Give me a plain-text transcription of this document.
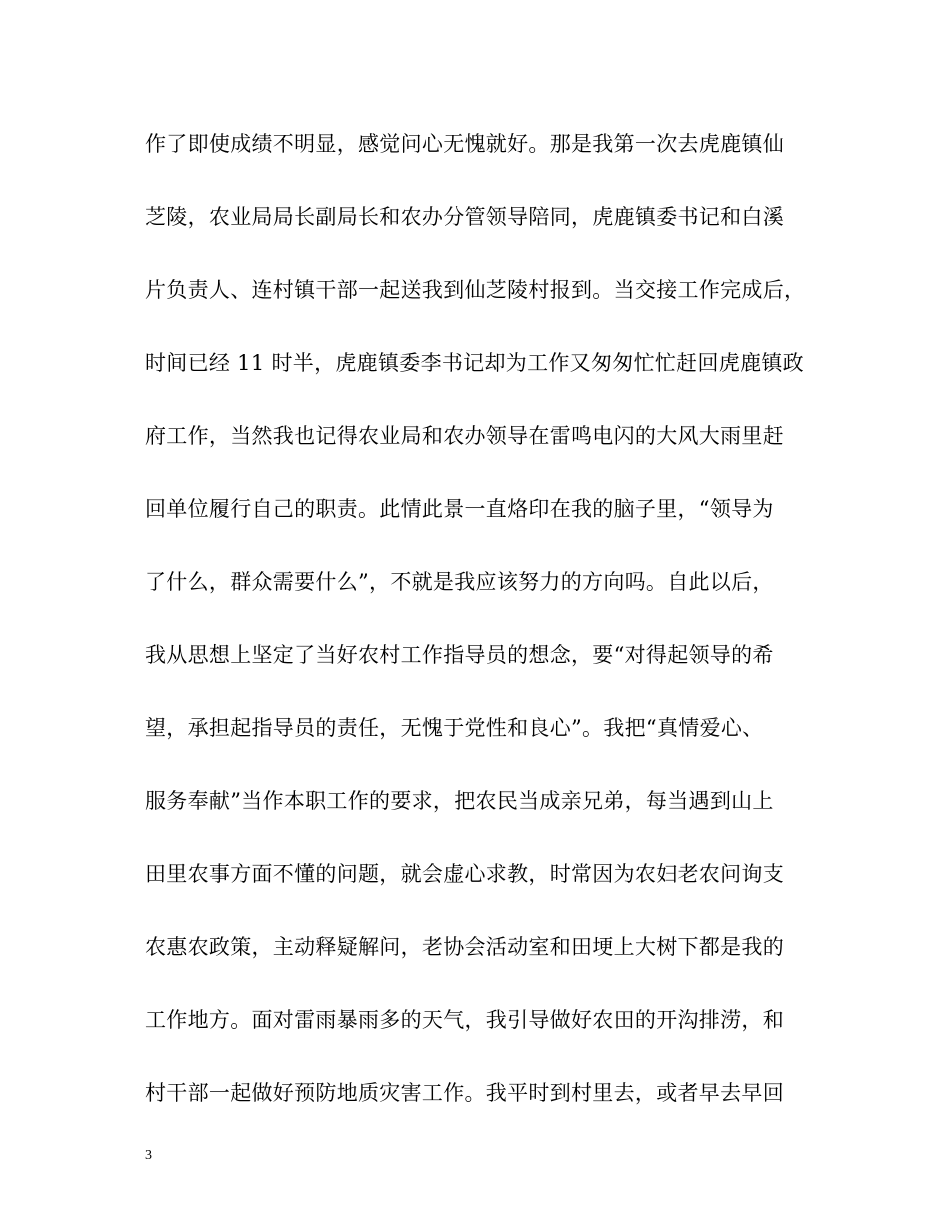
作了即使成绩不明显，感觉问心无愧就好。那是我第一次去虎鹿镇仙
芝陵，农业局局长副局长和农办分管领导陪同，虎鹿镇委书记和白溪
片负责人、连村镇干部一起送我到仙芝陵村报到。当交接工作完成后，
时间已经 11 时半，虎鹿镇委李书记却为工作又匆匆忙忙赶回虎鹿镇政
府工作，当然我也记得农业局和农办领导在雷鸣电闪的大风大雨里赶
回单位履行自己的职责。此情此景一直烙印在我的脑子里，“领导为
了什么，群众需要什么”，不就是我应该努力的方向吗。自此以后，
我从思想上坚定了当好农村工作指导员的想念，要“对得起领导的希
望，承担起指导员的责任，无愧于党性和良心”。我把“真情爱心、
服务奉献”当作本职工作的要求，把农民当成亲兄弟，每当遇到山上
田里农事方面不懂的问题，就会虚心求教，时常因为农妇老农问询支
农惠农政策，主动释疑解问，老协会活动室和田埂上大树下都是我的
工作地方。面对雷雨暴雨多的天气，我引导做好农田的开沟排涝，和
村干部一起做好预防地质灾害工作。我平时到村里去，或者早去早回
3
